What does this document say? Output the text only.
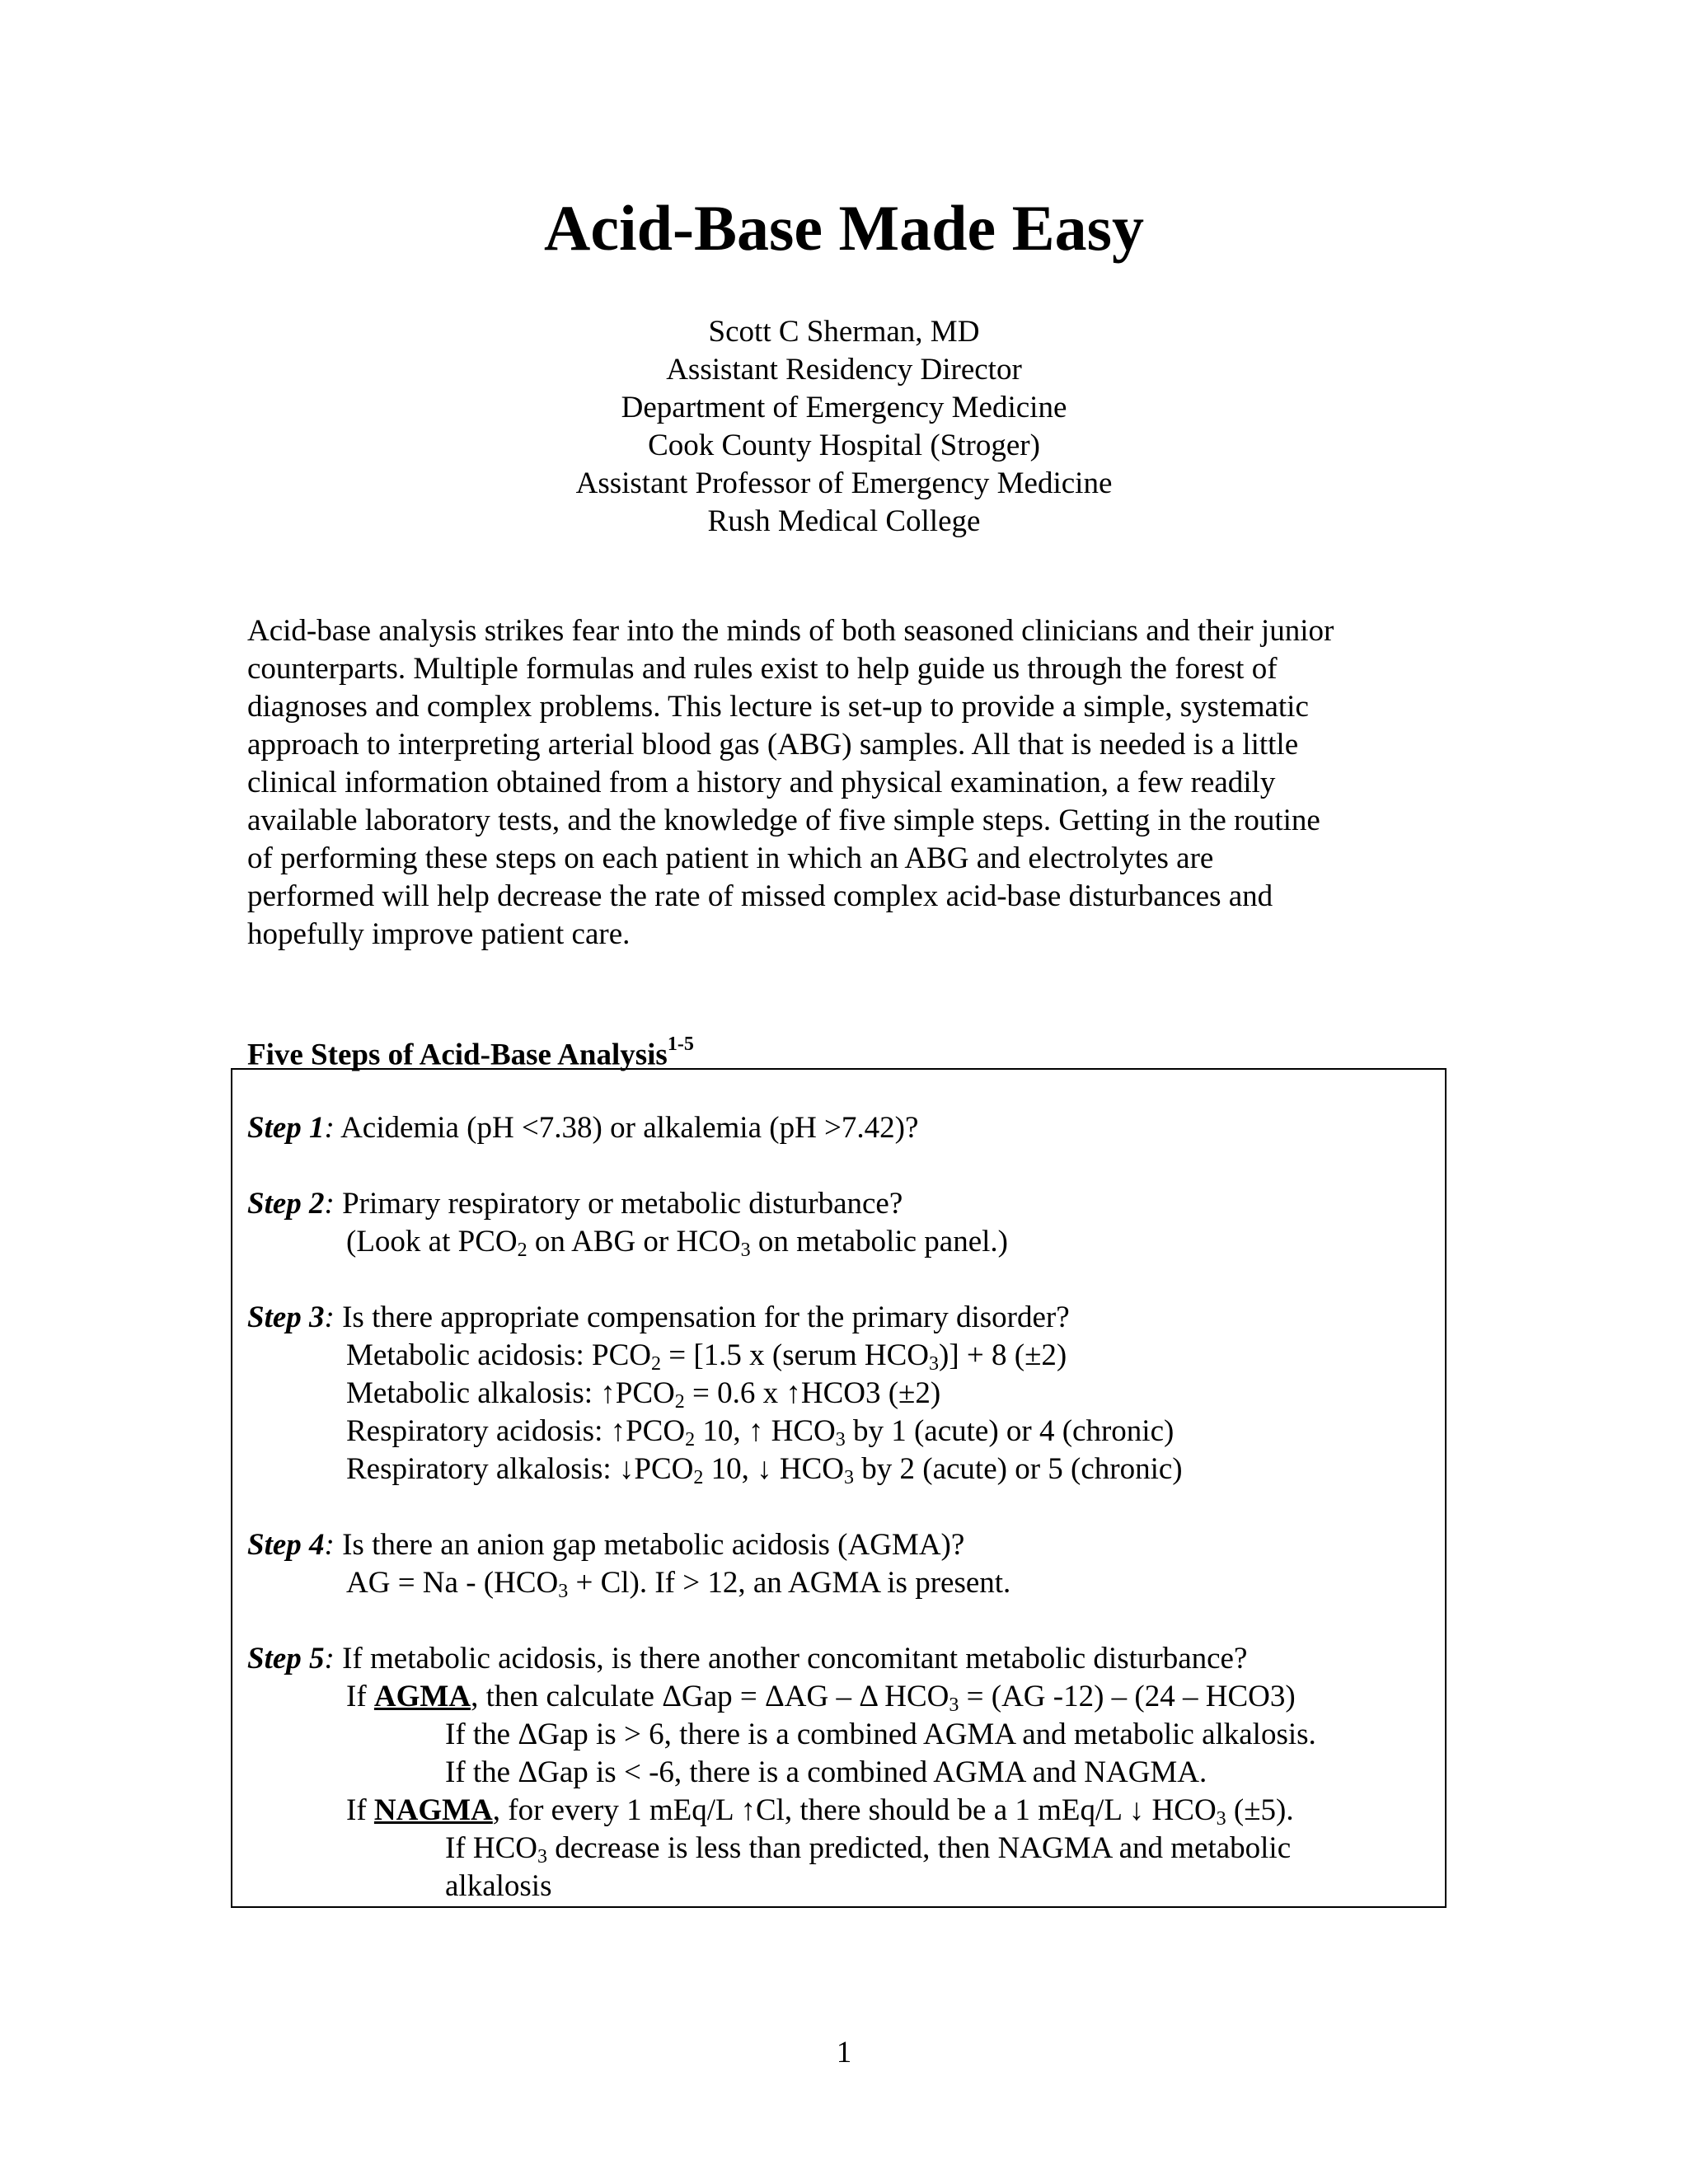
Acid-Base Made Easy
Scott C Sherman, MD
Assistant Residency Director
Department of Emergency Medicine
Cook County Hospital (Stroger)
Assistant Professor of Emergency Medicine
Rush Medical College
Acid-base analysis strikes fear into the minds of both seasoned clinicians and their junior
counterparts. Multiple formulas and rules exist to help guide us through the forest of
diagnoses and complex problems. This lecture is set-up to provide a simple, systematic
approach to interpreting arterial blood gas (ABG) samples. All that is needed is a little
clinical information obtained from a history and physical examination, a few readily
available laboratory tests, and the knowledge of five simple steps. Getting in the routine
of performing these steps on each patient in which an ABG and electrolytes are
performed will help decrease the rate of missed complex acid-base disturbances and
hopefully improve patient care.
Five Steps of Acid-Base Analysis$^{1-5}$
Step 1: Acidemia (pH <7.38) or alkalemia (pH >7.42)?
Step 2: Primary respiratory or metabolic disturbance?
(Look at $PCO_2$ on ABG or $HCO_3$ on metabolic panel.)
Step 3: Is there appropriate compensation for the primary disorder?
Metabolic acidosis: $PCO_2 = [1.5$ x (serum $HCO_3)] + 8$ (±2)
Metabolic alkalosis: $↑PCO_2 = 0.6$ x ↑HCO3 (±2)
Respiratory acidosis: $↑PCO_2$ 10, ↑ $HCO_3$ by 1 (acute) or 4 (chronic)
Respiratory alkalosis: $↓PCO_2$ 10, ↓ $HCO_3$ by 2 (acute) or 5 (chronic)
Step 4: Is there an anion gap metabolic acidosis (AGMA)?
AG = $Na - (HCO_3 + Cl)$. If > 12, an AGMA is present.
Step 5: If metabolic acidosis, is there another concomitant metabolic disturbance?
If AGMA, then calculate ΔGap = ΔAG – Δ $HCO_3 = (AG$ -12) – (24 – HCO3)
If the ΔGap is > 6, there is a combined AGMA and metabolic alkalosis.
If the ΔGap is < -6, there is a combined AGMA and NAGMA.
If NAGMA, for every 1 mEq/L ↑Cl, there should be a 1 mEq/L ↓ $HCO_3$ (±5).
If $HCO_3$ decrease is less than predicted, then NAGMA and metabolic
alkalosis
1
